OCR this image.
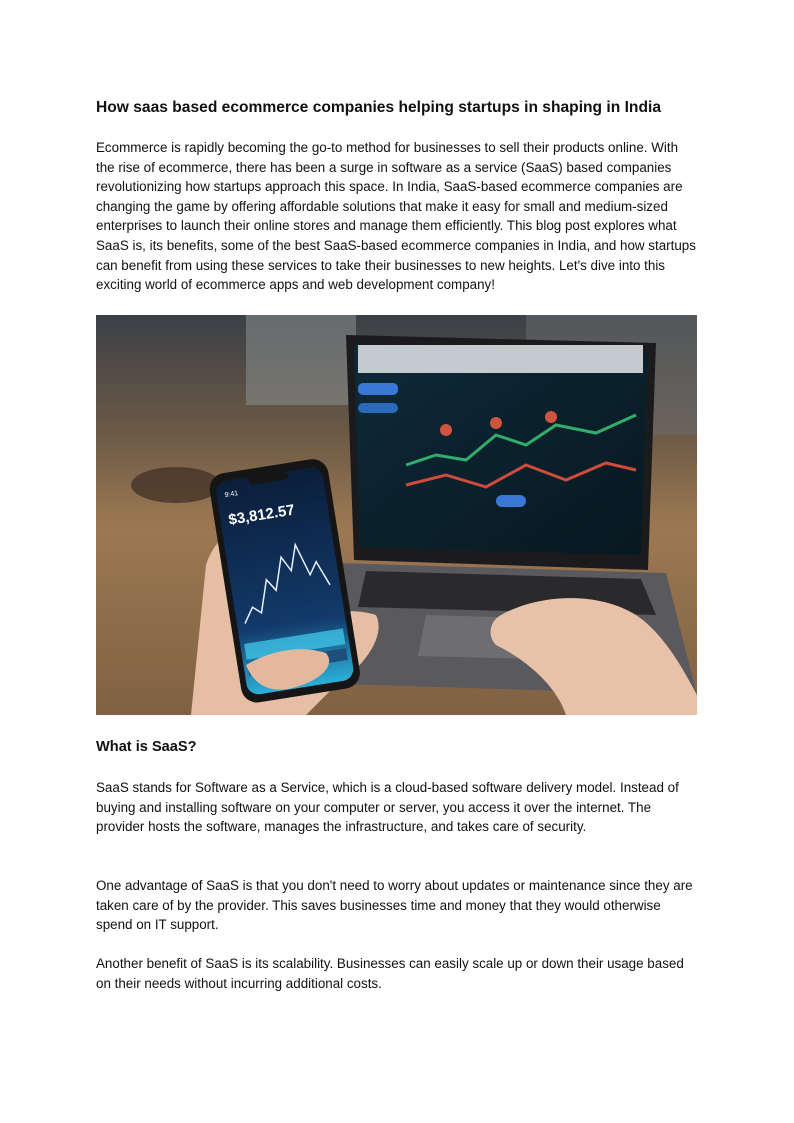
How saas based ecommerce companies helping startups in shaping in India

Ecommerce is rapidly becoming the go-to method for businesses to sell their products online. With the rise of ecommerce, there has been a surge in software as a service (SaaS) based companies revolutionizing how startups approach this space. In India, SaaS-based ecommerce companies are changing the game by offering affordable solutions that make it easy for small and medium-sized enterprises to launch their online stores and manage them efficiently. This blog post explores what SaaS is, its benefits, some of the best SaaS-based ecommerce companies in India, and how startups can benefit from using these services to take their businesses to new heights. Let's dive into this exciting world of ecommerce apps and web development company!

9:41
$3,812.57
What is SaaS?

SaaS stands for Software as a Service, which is a cloud-based software delivery model. Instead of buying and installing software on your computer or server, you access it over the internet. The provider hosts the software, manages the infrastructure, and takes care of security.

One advantage of SaaS is that you don't need to worry about updates or maintenance since they are taken care of by the provider. This saves businesses time and money that they would otherwise spend on IT support.

Another benefit of SaaS is its scalability. Businesses can easily scale up or down their usage based on their needs without incurring additional costs.
